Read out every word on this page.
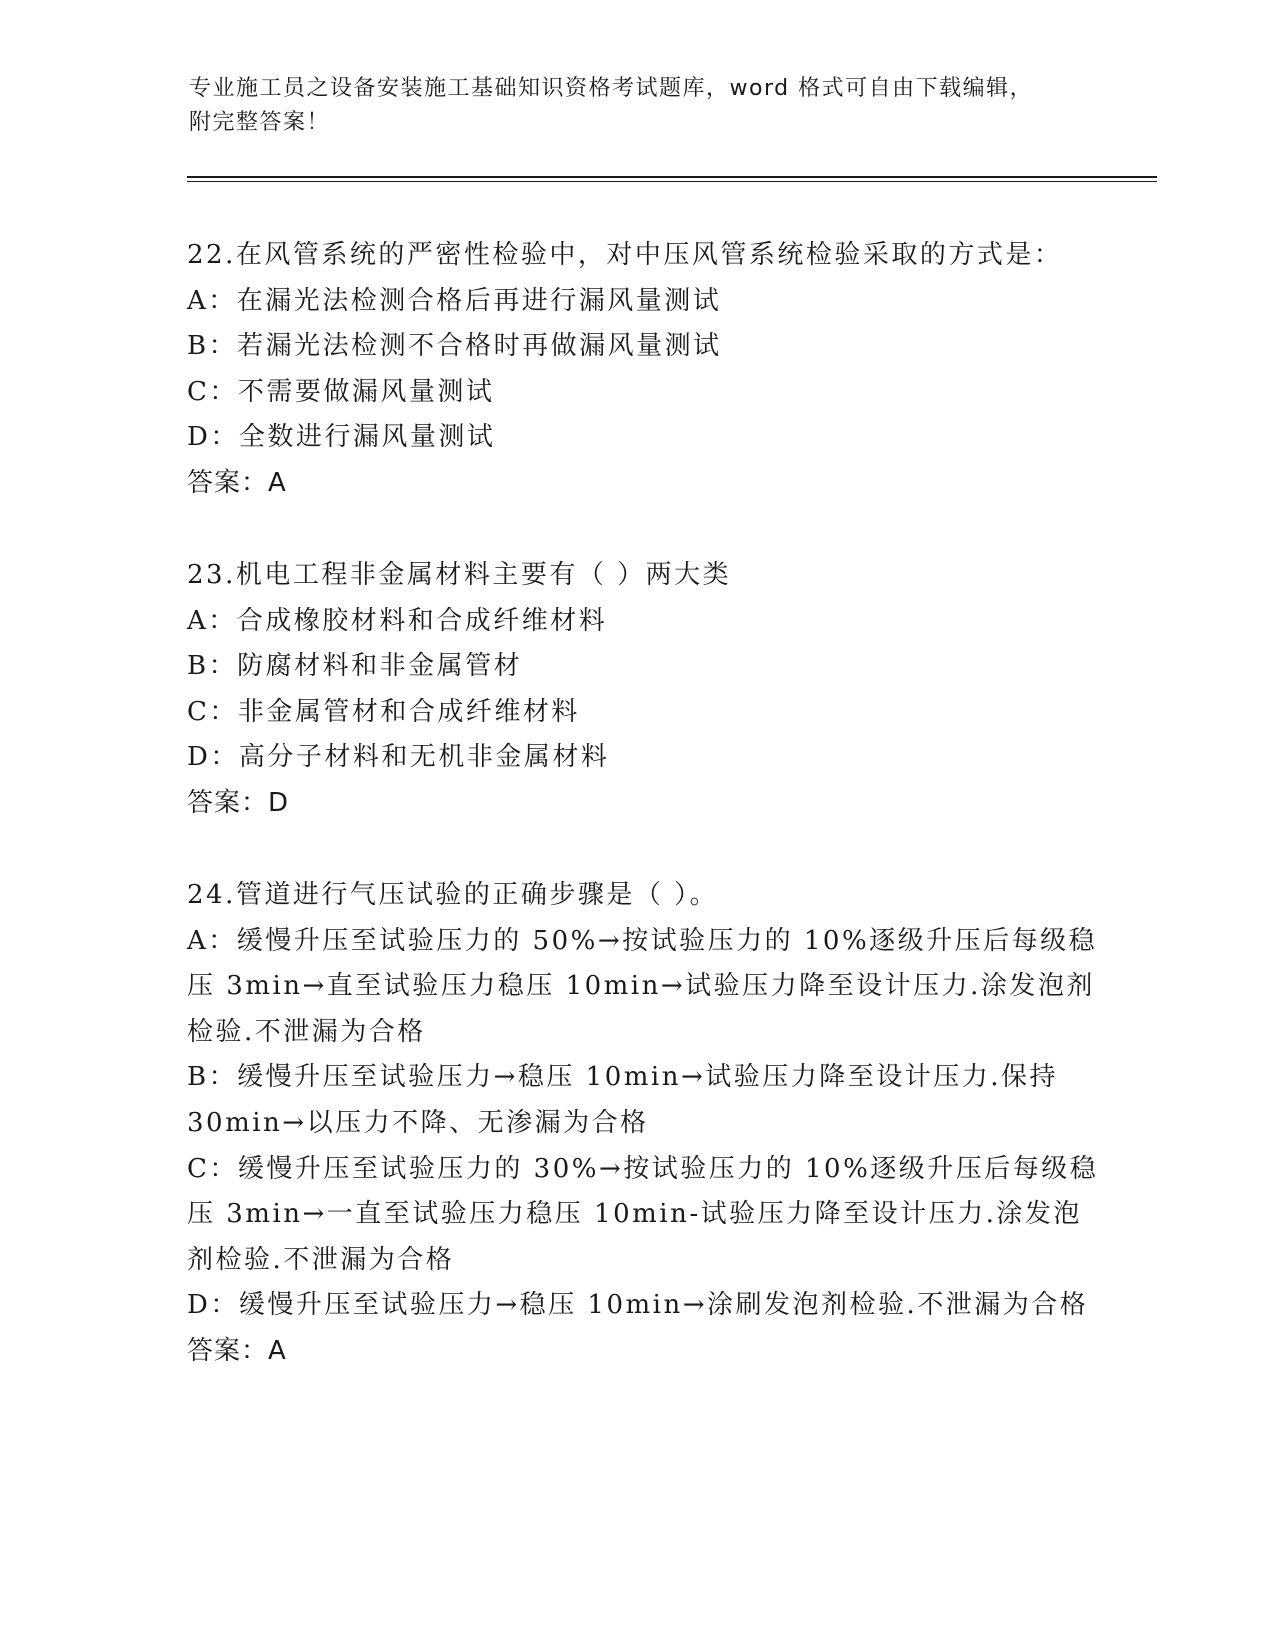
专业施工员之设备安装施工基础知识资格考试题库，word 格式可自由下载编辑，
附完整答案！
22.在风管系统的严密性检验中，对中压风管系统检验采取的方式是：
A：在漏光法检测合格后再进行漏风量测试
B：若漏光法检测不合格时再做漏风量测试
C：不需要做漏风量测试
D：全数进行漏风量测试
答案：A
23.机电工程非金属材料主要有（ ）两大类
A：合成橡胶材料和合成纤维材料
B：防腐材料和非金属管材
C：非金属管材和合成纤维材料
D：高分子材料和无机非金属材料
答案：D
24.管道进行气压试验的正确步骤是（ ）。
A：缓慢升压至试验压力的 50%→按试验压力的 10%逐级升压后每级稳
压 3min→直至试验压力稳压 10min→试验压力降至设计压力.涂发泡剂
检验.不泄漏为合格
B：缓慢升压至试验压力→稳压 10min→试验压力降至设计压力.保持
30min→以压力不降、无渗漏为合格
C：缓慢升压至试验压力的 30%→按试验压力的 10%逐级升压后每级稳
压 3min→一直至试验压力稳压 10min-试验压力降至设计压力.涂发泡
剂检验.不泄漏为合格
D：缓慢升压至试验压力→稳压 10min→涂刷发泡剂检验.不泄漏为合格
答案：A
